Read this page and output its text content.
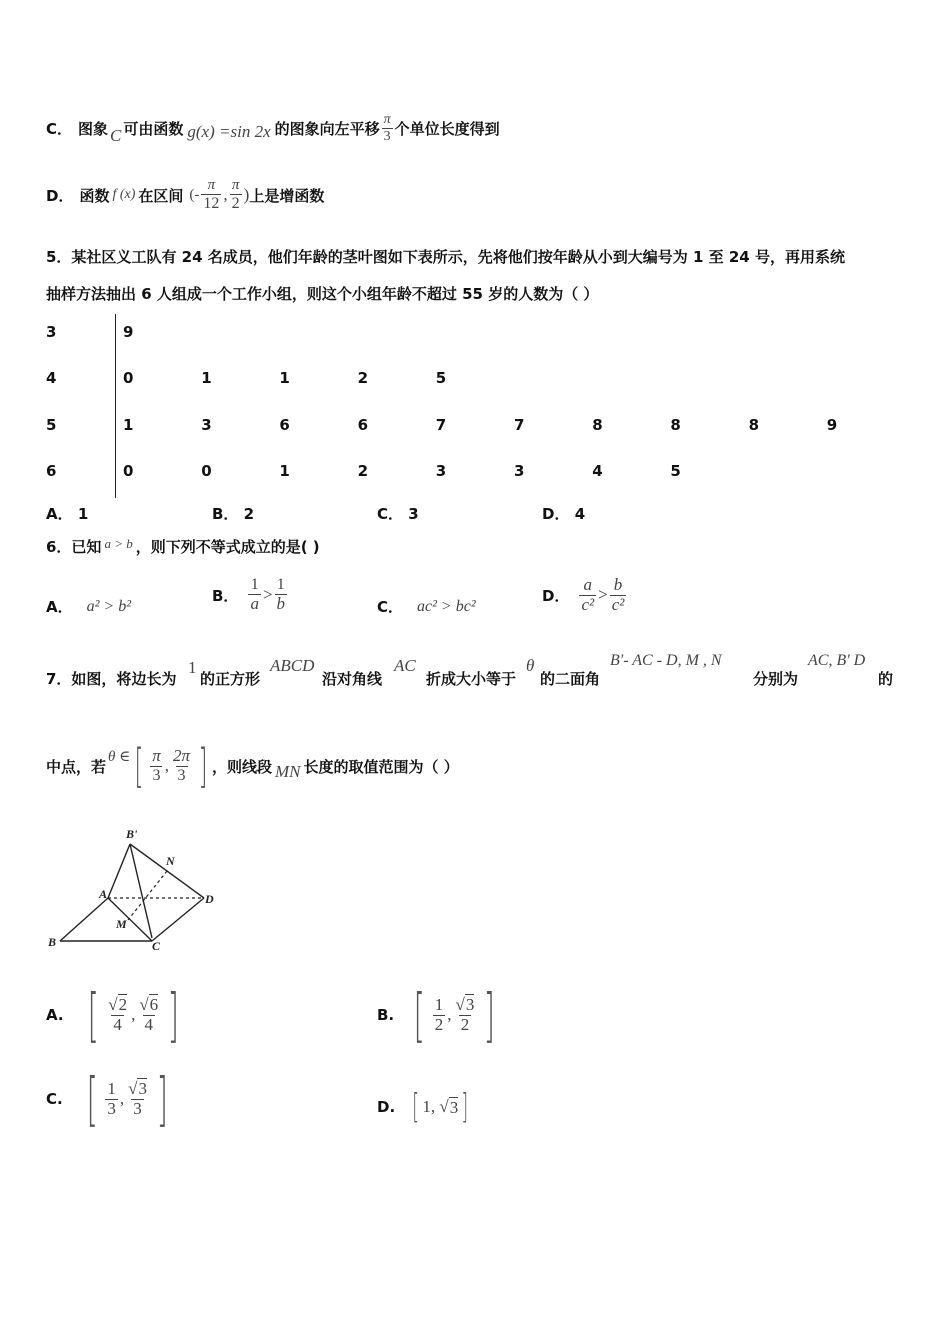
C． 图象 C 可由函数 g(x) =sin 2x 的图象向左平移 $\frac{\pi}{3}$ 个单位长度得到
D． 函数 f (x) 在区间 (- $\frac{\pi}{12}$ , $\frac{\pi}{2}$ ) 上是增函数
5．某社区义工队有 24 名成员，他们年龄的茎叶图如下表所示，先将他们按年龄从小到大编号为 1 至 24 号，再用系统
抽样方法抽出 6 人组成一个工作小组，则这个小组年龄不超过 55 岁的人数为（ ）
3	9
4	0	1	1	2	5
5	1	3	6	6	7	7	8	8	8	9
6	0	0	1	2	3	3	4	5
A． 1	B． 2	C． 3	D． 4
6．已知 a > b ，则下列不等式成立的是( )
A． a² > b²
B． $\frac{1}{a} > \frac{1}{b}$	C． ac² > bc²
D． $\frac{a}{\text{c²}} > \frac{b}{\text{c²}}$
7．如图，将边长为
1
的正方形
ABCD
沿对角线
AC
折成大小等于
θ
的二面角
B'- AC - D, M , N
分别为
AC, B' D
的
中点，若
θ ∈ [ $\frac{\pi}{3}$ , $\frac{2\pi}{3}$ ] ，则线段 MN 长度的取值范围为（ ）
B'
N
A	D
M
B	C
A. [ $\frac{√2}{4}$ , $\frac{√6}{4}$ ]	B. [ $\frac{1}{2}$ , $\frac{√3}{2}$ ]
C. [ $\frac{1}{3}$ , $\frac{√3}{3}$ ]	D. [ 1 , √ 3 ]
